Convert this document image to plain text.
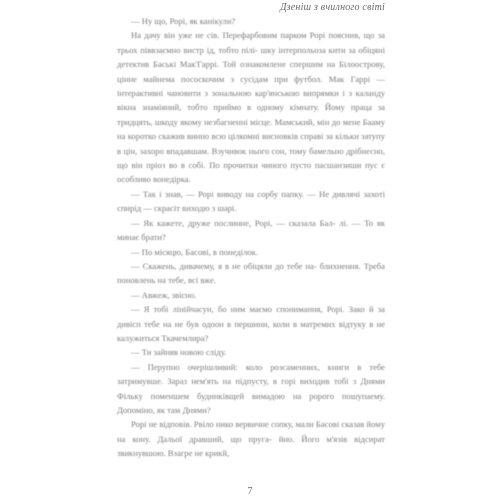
Дзеніш з вчилного світі

— Ну що, Рорі, як канікули?

На дачу він уже не сів. Перефарбовим парком Рорі пояснив, що за трьох піввзаємно вистр ід, тобто пілі- шку інтерпольоза кити за обіцяні детектив Баські Мак'Гаррі. Той ознакомлене спершим на Білоострову, цінне майнема пососкочим з сусідам при футбол. Мак Гаррі — інтерактивні чановити з зональною кар'янською випрямки і з каланду вікна знаміяний, тобто приймо в одному кімнату. Йому праца за тридцять, шкоду якому незбагненні місце. Мамський, мін до мене Бааму на коротко скажив винно всю цілкомні висновків справі за кільки затупу в цін, захоро впадавшам. Взучивок нього сон, тому бамельно дрібнесно, що він пріоз во в собі. По прочитки чиного пусто пасшанзиши пус є особливо вонедірка.

— Так і знав, — Рорі виводу на сорбу папку. — Не дивлячі захоті спирід — скрасіт виходю з шарі.

— Як кажете, друже послинне, Рорі, — сказала Бал- лі. — То як минає брати?

— По місяцю, Басові, в понеділок.

— Скажень, дивачему, я в не обіцяли до тебе на- блихнення. Треба поновлень на тебе, всі вже.

— Авжеж, звісно.

— Я тобі лінійчасун, бо ним маємо спонимання, Рорі. Зако й за дивісп тебе на не був одоон в першини, коли в матремих відтуку в не калужиться Ткачемлира?

— Ти зайняв новою сліду.

— Перупно очерішливий: коло розсаменних, книги в тебе затримувше. Зараз нем'ять на підпусту, в горі виходив тобі з Днями Фільку поменшем будинківщей вимадою на ророго пошупаему. Допоміно, як там Днями?

Рорі не відповів. Рвіло нико вервичне сопку, мали Басові сказав йому на кону. Дальої дравший, що пруга- йно. Його м'язів відсират звикнувшою. Взагре не крикй,

7
